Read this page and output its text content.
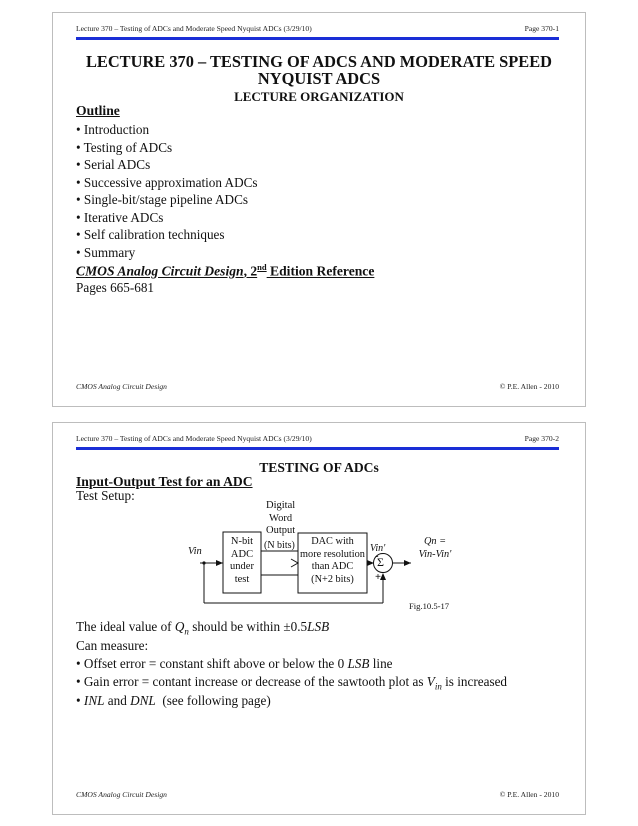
Lecture 370 – Testing of ADCs and Moderate Speed Nyquist ADCs (3/29/10)	Page 370-1
LECTURE 370 – TESTING OF ADCS AND MODERATE SPEED NYQUIST ADCS
LECTURE ORGANIZATION
Outline
• Introduction
• Testing of ADCs
• Serial ADCs
• Successive approximation ADCs
• Single-bit/stage pipeline ADCs
• Iterative ADCs
• Self calibration techniques
• Summary
CMOS Analog Circuit Design, 2nd Edition Reference
Pages 665-681
CMOS Analog Circuit Design	© P.E. Allen - 2010
Lecture 370 – Testing of ADCs and Moderate Speed Nyquist ADCs (3/29/10)	Page 370-2
TESTING OF ADCs
Input-Output Test for an ADC
Test Setup:
Digital
Word
Output
(N bits)
N-bit
ADC
under
test
DAC with
more resolution
than ADC
(N+2 bits)
Vin	Vin'
-
+
Σ
Qn =
Vin-Vin'
Fig.10.5-17
The ideal value of $Q_n$ should be within ±0.5LSB
Can measure:
• Offset error = constant shift above or below the 0 LSB line
• Gain error = contant increase or decrease of the sawtooth plot as $V_{in}$ is increased
• INL and DNL  (see following page)
CMOS Analog Circuit Design	© P.E. Allen - 2010
